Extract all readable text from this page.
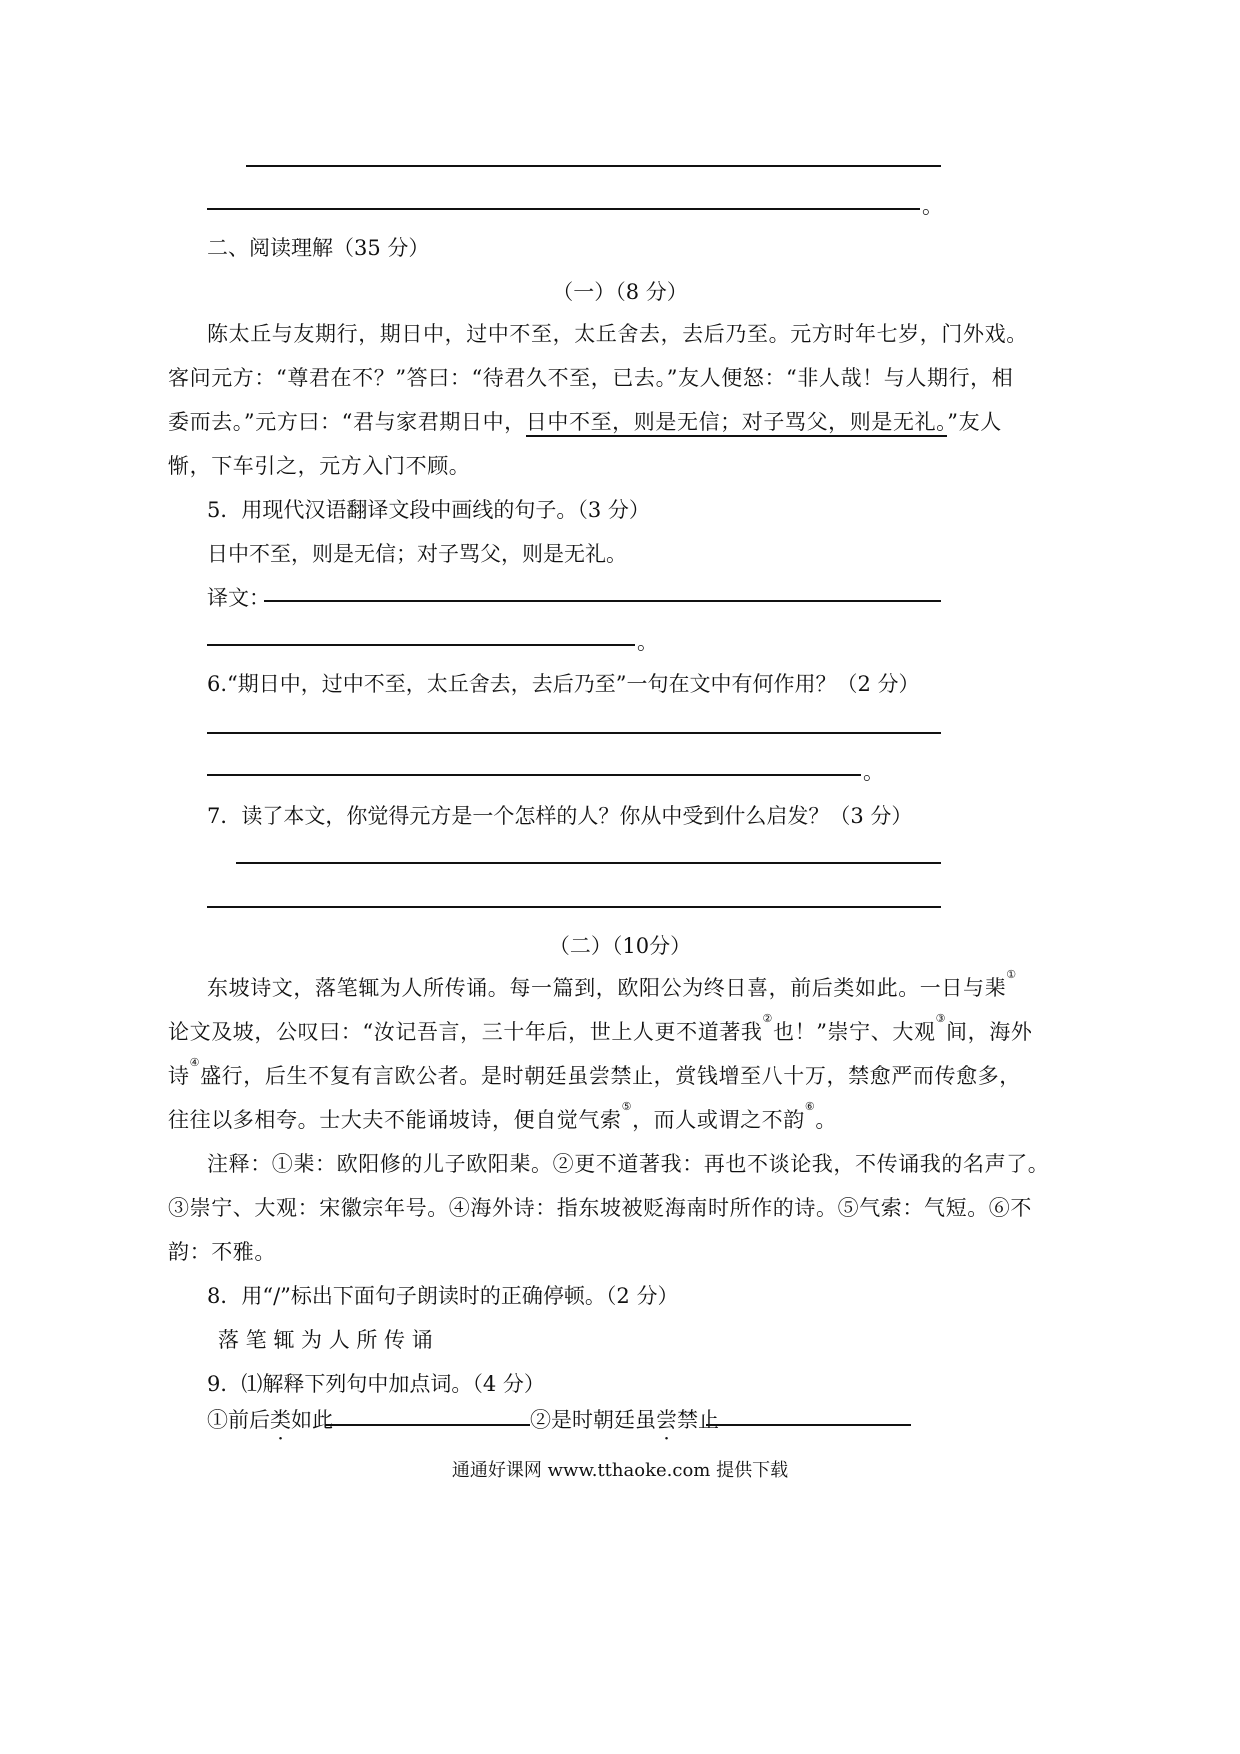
。
二、阅读理解（35 分）
（一）（8 分）
陈太丘与友期行，期日中，过中不至，太丘舍去，去后乃至。元方时年七岁，门外戏。
客问元方：“尊君在不？”答曰：“待君久不至，已去。”友人便怒：“非人哉！与人期行，相
委而去。”元方曰：“君与家君期日中，日中不至，则是无信；对子骂父，则是无礼。”友人
惭，下车引之，元方入门不顾。
5．用现代汉语翻译文段中画线的句子。（3 分）
日中不至，则是无信；对子骂父，则是无礼。
译文：
。
6.“期日中，过中不至，太丘舍去，去后乃至”一句在文中有何作用？（2 分）
。
7．读了本文，你觉得元方是一个怎样的人？你从中受到什么启发？（3 分）
（二）（10分）
东坡诗文，落笔辄为人所传诵。每一篇到，欧阳公为终日喜，前后类如此。一日与棐①
论文及坡，公叹曰：“汝记吾言，三十年后，世上人更不道著我②也！”崇宁、大观③间，海外
诗④盛行，后生不复有言欧公者。是时朝廷虽尝禁止，赏钱增至八十万，禁愈严而传愈多，
往往以多相夸。士大夫不能诵坡诗，便自觉气索⑤，而人或谓之不韵⑥。
注释：①棐：欧阳修的儿子欧阳棐。②更不道著我：再也不谈论我，不传诵我的名声了。
③崇宁、大观：宋徽宗年号。④海外诗：指东坡被贬海南时所作的诗。⑤气索：气短。⑥不
韵：不雅。
8．用“/”标出下面句子朗读时的正确停顿。（2 分）
落 笔 辄 为 人 所 传 诵
9．⑴解释下列句中加点词。（4 分）
①前后类如此	②是时朝廷虽尝禁止
通通好课网 www.tthaoke.com 提供下载
